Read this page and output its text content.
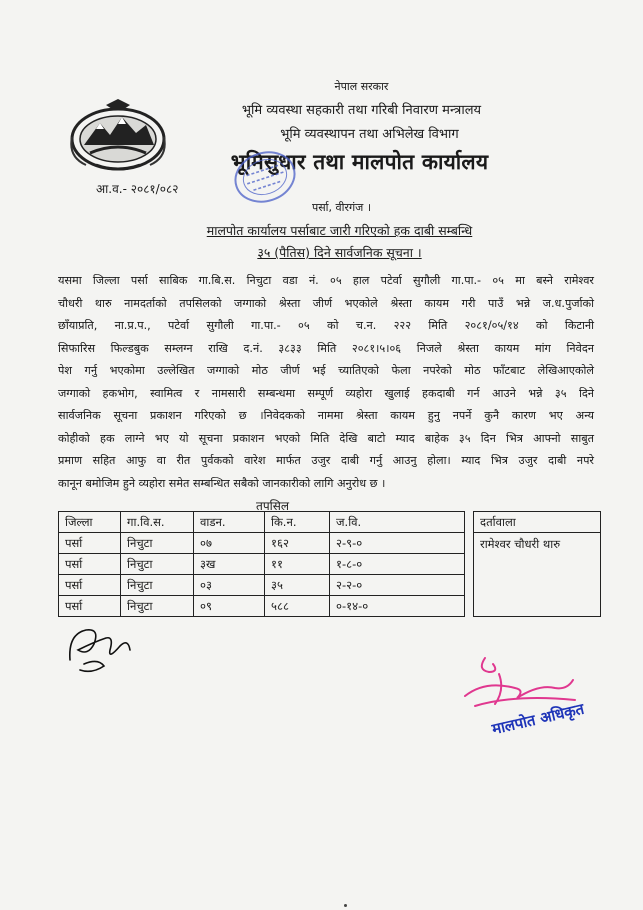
नेपाल सरकार
भूमि व्यवस्था सहकारी तथा गरिबी निवारण मन्त्रालय
भूमि व्यवस्थापन तथा अभिलेख विभाग
भूमिसुधार तथा मालपोत कार्यालय
आ.व.- २०८१/०८२
पर्सा, वीरगंज ।
मालपोत कार्यालय पर्साबाट जारी गरिएको हक दाबी सम्बन्धि
३५ (पैतिस) दिने सार्वजनिक सूचना ।
यसमा जिल्ला पर्सा साबिक गा.बि.स. निचुटा वडा नं. ०५ हाल पटेर्वा सुगौली गा.पा.- ०५ मा बस्ने रामेश्वर
चौधरी थारु नामदर्ताको तपसिलको जग्गाको श्रेस्ता जीर्ण भएकोले श्रेस्ता कायम गरी पाउँ भन्ने ज.ध.पुर्जाको
छाँयाप्रति, ना.प्र.प., पटेर्वा सुगौली गा.पा.- ०५ को च.न. २२२ मिति २०८१/०५/१४ को किटानी
सिफारिस फिल्डबुक सम्लग्न राखि द.नं. ३८३३ मिति २०८१।५।०६ निजले श्रेस्ता कायम मांग निवेदन
पेश गर्नु भएकोमा उल्लेखित जग्गाको मोठ जीर्ण भई च्यातिएको फेला नपरेको मोठ फाँटबाट लेखिआएकोले
जग्गाको हकभोग, स्वामित्व र नामसारी सम्बन्धमा सम्पूर्ण व्यहोरा खुलाई हकदाबी गर्न आउने भन्ने ३५ दिने
सार्वजनिक सूचना प्रकाशन गरिएको छ ।निवेदकको नाममा श्रेस्ता कायम हुनु नपर्ने कुनै कारण भए अन्य
कोहीको हक लाग्ने भए यो सूचना प्रकाशन भएको मिति देखि बाटो म्याद बाहेक ३५ दिन भित्र आफ्नो साबुत
प्रमाण सहित आफु वा रीत पुर्वकको वारेश मार्फत उजुर दाबी गर्नु आउनु होला। म्याद भित्र उजुर दाबी नपरे
कानून बमोजिम हुने व्यहोरा समेत सम्बन्धित सबैको जानकारीको लागि अनुरोध छ ।
तपसिल
जिल्ला	गा.वि.स.	वाडन.	कि.न.	ज.वि.		दर्तावाला
पर्सा	निचुटा	०७	१६२	२-९-०		रामेश्वर चौधरी थारु
पर्सा	निचुटा	३ख	११	१-८-०		
पर्सा	निचुटा	०३	३५	२-२-०		
पर्सा	निचुटा	०९	५८८	०-१४-०		
मालपोत अधिकृत
